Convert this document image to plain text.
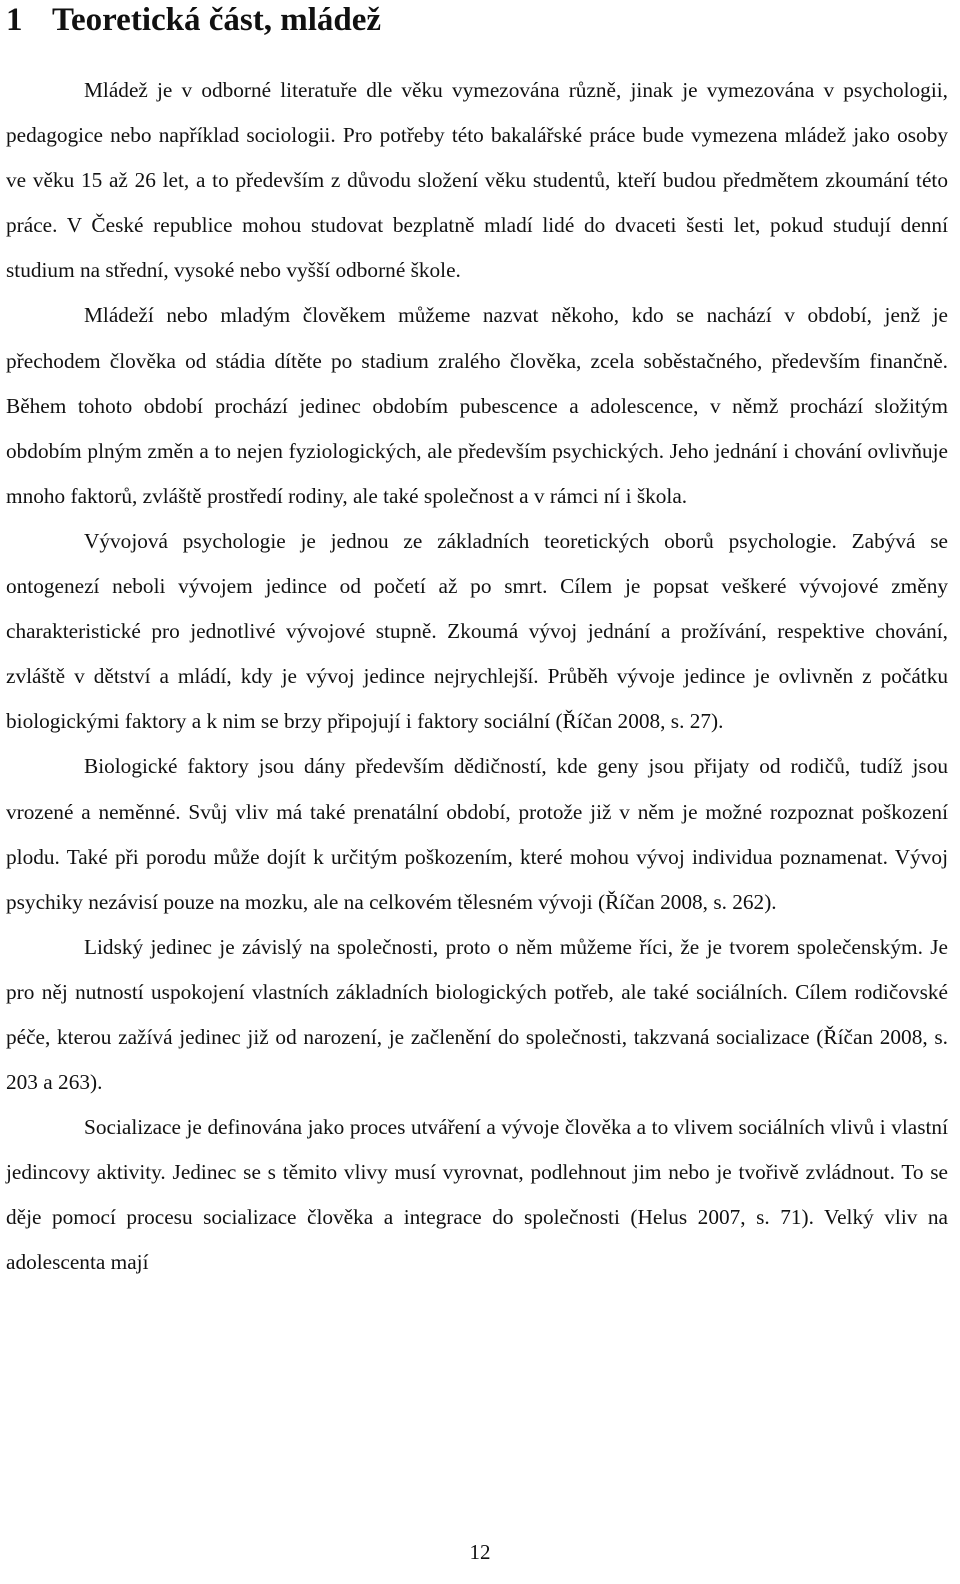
1 Teoretická část, mládež

Mládež je v odborné literatuře dle věku vymezována různě, jinak je vymezována v psychologii, pedagogice nebo například sociologii. Pro potřeby této bakalářské práce bude vymezena mládež jako osoby ve věku 15 až 26 let, a to především z důvodu složení věku studentů, kteří budou předmětem zkoumání této práce. V České republice mohou studovat bezplatně mladí lidé do dvaceti šesti let, pokud studují denní studium na střední, vysoké nebo vyšší odborné škole.

Mládeží nebo mladým člověkem můžeme nazvat někoho, kdo se nachází v období, jenž je přechodem člověka od stádia dítěte po stadium zralého člověka, zcela soběstačného, především finančně. Během tohoto období prochází jedinec obdobím pubescence a adolescence, v němž prochází složitým obdobím plným změn a to nejen fyziologických, ale především psychických. Jeho jednání i chování ovlivňuje mnoho faktorů, zvláště prostředí rodiny, ale také společnost a v rámci ní i škola.

Vývojová psychologie je jednou ze základních teoretických oborů psychologie. Zabývá se ontogenezí neboli vývojem jedince od početí až po smrt. Cílem je popsat veškeré vývojové změny charakteristické pro jednotlivé vývojové stupně. Zkoumá vývoj jednání a prožívání, respektive chování, zvláště v dětství a mládí, kdy je vývoj jedince nejrychlejší. Průběh vývoje jedince je ovlivněn z počátku biologickými faktory a k nim se brzy připojují i faktory sociální (Říčan 2008, s. 27).

Biologické faktory jsou dány především dědičností, kde geny jsou přijaty od rodičů, tudíž jsou vrozené a neměnné. Svůj vliv má také prenatální období, protože již v něm je možné rozpoznat poškození plodu. Také při porodu může dojít k určitým poškozením, které mohou vývoj individua poznamenat. Vývoj psychiky nezávisí pouze na mozku, ale na celkovém tělesném vývoji (Říčan 2008, s. 262).

Lidský jedinec je závislý na společnosti, proto o něm můžeme říci, že je tvorem společenským. Je pro něj nutností uspokojení vlastních základních biologických potřeb, ale také sociálních. Cílem rodičovské péče, kterou zažívá jedinec již od narození, je začlenění do společnosti, takzvaná socializace (Říčan 2008, s. 203 a 263).

Socializace je definována jako proces utváření a vývoje člověka a to vlivem sociálních vlivů i vlastní jedincovy aktivity. Jedinec se s těmito vlivy musí vyrovnat, podlehnout jim nebo je tvořivě zvládnout. To se děje pomocí procesu socializace člověka a integrace do společnosti (Helus 2007, s. 71). Velký vliv na adolescenta mají

12
